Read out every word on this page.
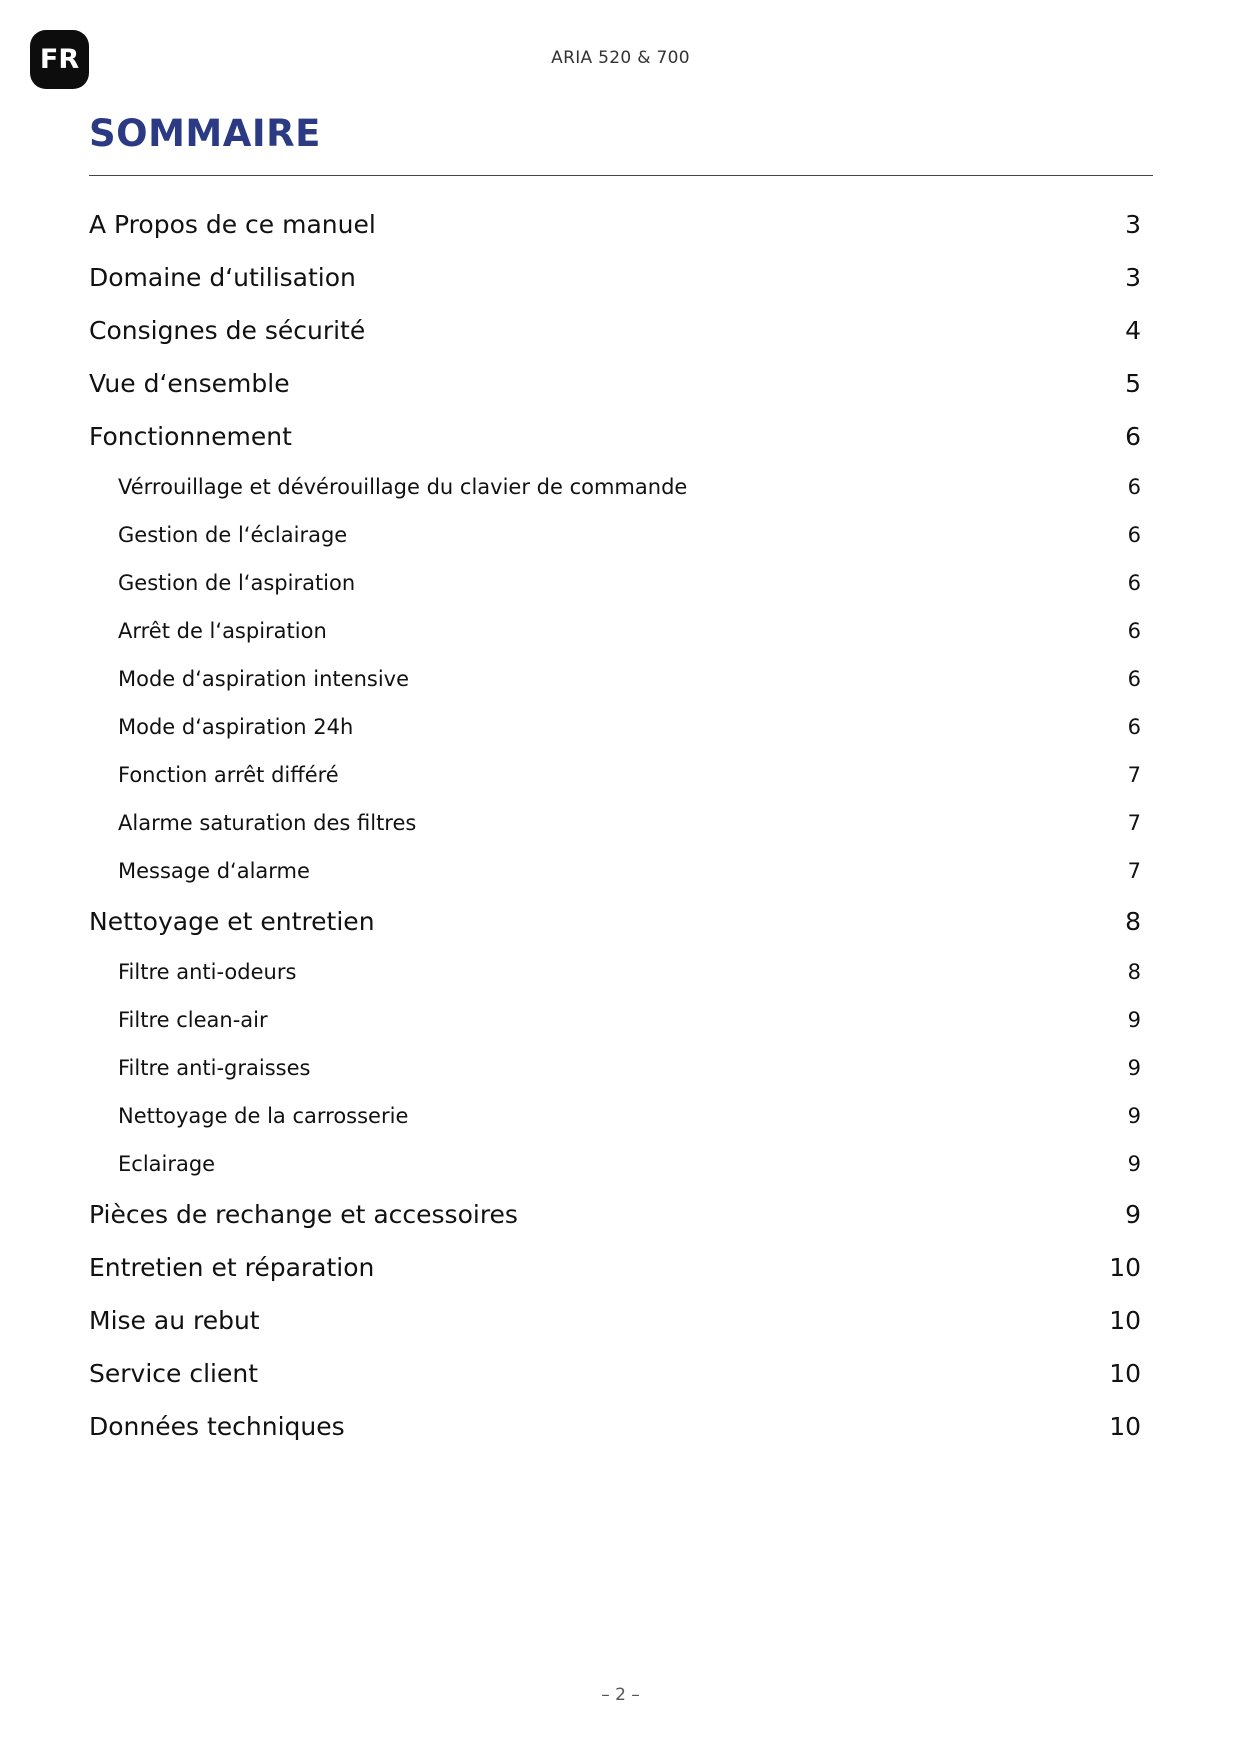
FR	ARIA 520 & 700
SOMMAIRE
A Propos de ce manuel	3
Domaine d‘utilisation	3
Consignes de sécurité	4
Vue d‘ensemble	5
Fonctionnement	6
Vérrouillage et dévérouillage du clavier de commande	6
Gestion de l‘éclairage	6
Gestion de l‘aspiration	6
Arrêt de l‘aspiration	6
Mode d‘aspiration intensive	6
Mode d‘aspiration 24h	6
Fonction arrêt différé	7
Alarme saturation des filtres	7
Message d‘alarme	7
Nettoyage et entretien	8
Filtre anti-odeurs	8
Filtre clean-air	9
Filtre anti-graisses	9
Nettoyage de la carrosserie	9
Eclairage	9
Pièces de rechange et accessoires	9
Entretien et réparation	10
Mise au rebut	10
Service client	10
Données techniques	10
– 2 –
